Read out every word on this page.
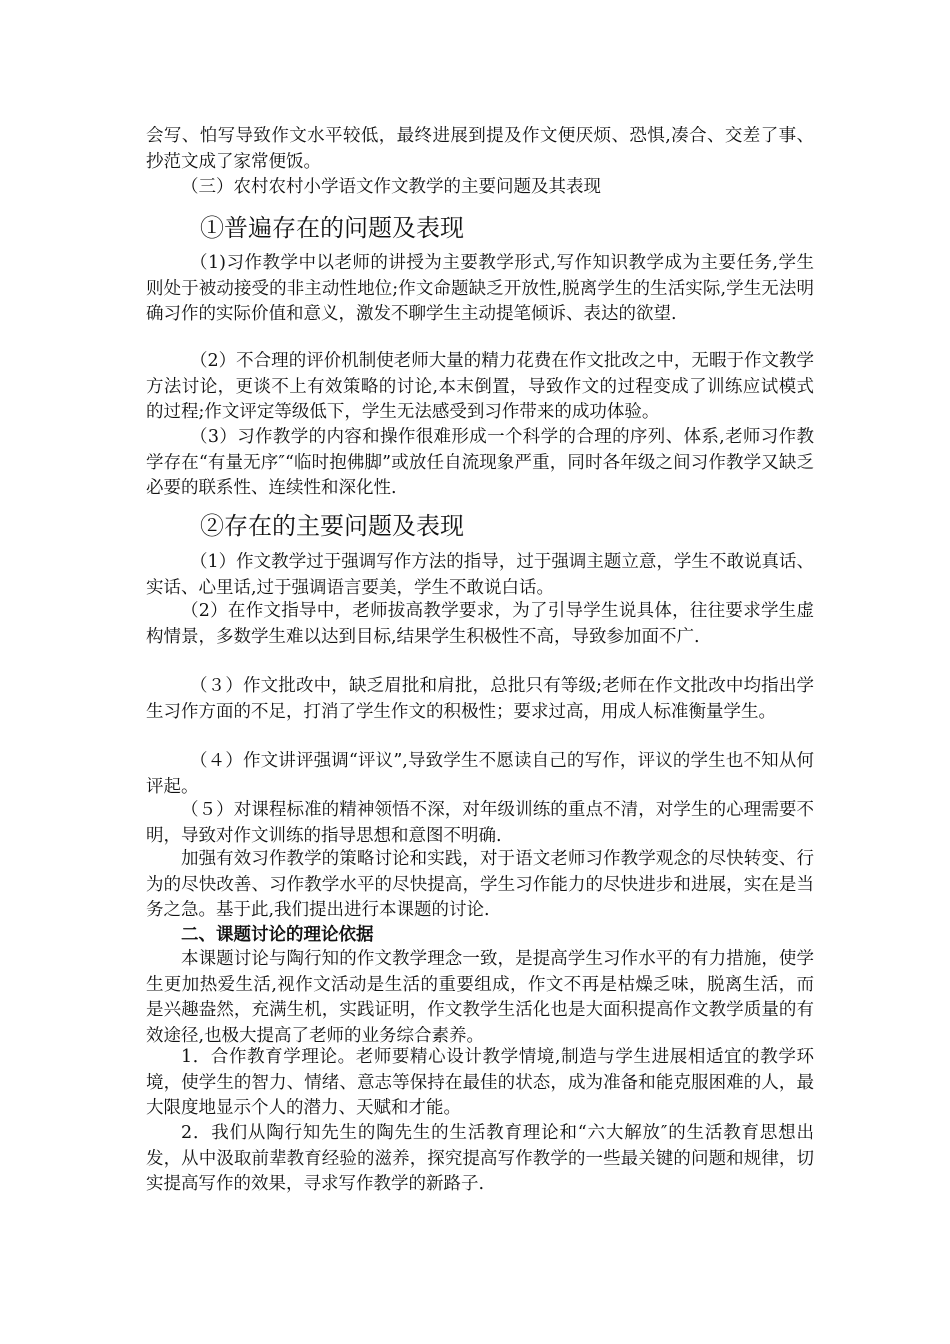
会写、怕写导致作文水平较低，最终进展到提及作文便厌烦、恐惧,凑合、交差了事、抄范文成了家常便饭。

（三）农村农村小学语文作文教学的主要问题及其表现

①普遍存在的问题及表现

（1)习作教学中以老师的讲授为主要教学形式,写作知识教学成为主要任务,学生则处于被动接受的非主动性地位;作文命题缺乏开放性,脱离学生的生活实际,学生无法明确习作的实际价值和意义，激发不聊学生主动提笔倾诉、表达的欲望.

（2）不合理的评价机制使老师大量的精力花费在作文批改之中，无暇于作文教学方法讨论，更谈不上有效策略的讨论,本末倒置，导致作文的过程变成了训练应试模式的过程;作文评定等级低下，学生无法感受到习作带来的成功体验。

（3）习作教学的内容和操作很难形成一个科学的合理的序列、体系,老师习作教学存在“有量无序″“临时抱佛脚”或放任自流现象严重，同时各年级之间习作教学又缺乏必要的联系性、连续性和深化性.

②存在的主要问题及表现

（1）作文教学过于强调写作方法的指导，过于强调主题立意，学生不敢说真话、实话、心里话,过于强调语言要美，学生不敢说白话。

（2）在作文指导中，老师拔高教学要求，为了引导学生说具体，往往要求学生虚构情景，多数学生难以达到目标,结果学生积极性不高，导致参加面不广.

（３）作文批改中，缺乏眉批和肩批，总批只有等级;老师在作文批改中均指出学生习作方面的不足，打消了学生作文的积极性；要求过高，用成人标准衡量学生。

（４）作文讲评强调“评议”,导致学生不愿读自己的写作，评议的学生也不知从何评起。

（５）对课程标准的精神领悟不深，对年级训练的重点不清，对学生的心理需要不明，导致对作文训练的指导思想和意图不明确.

加强有效习作教学的策略讨论和实践，对于语文老师习作教学观念的尽快转变、行为的尽快改善、习作教学水平的尽快提高，学生习作能力的尽快进步和进展，实在是当务之急。基于此,我们提出进行本课题的讨论.

二、课题讨论的理论依据

本课题讨论与陶行知的作文教学理念一致，是提高学生习作水平的有力措施，使学生更加热爱生活,视作文活动是生活的重要组成，作文不再是枯燥乏味，脱离生活，而是兴趣盎然，充满生机，实践证明，作文教学生活化也是大面积提高作文教学质量的有效途径,也极大提高了老师的业务综合素养。

1．合作教育学理论。老师要精心设计教学情境,制造与学生进展相适宜的教学环境，使学生的智力、情绪、意志等保持在最佳的状态，成为准备和能克服困难的人，最大限度地显示个人的潜力、天赋和才能。

2．我们从陶行知先生的陶先生的生活教育理论和“六大解放″的生活教育思想出发，从中汲取前辈教育经验的滋养，探究提高写作教学的一些最关键的问题和规律，切实提高写作的效果，寻求写作教学的新路子.
